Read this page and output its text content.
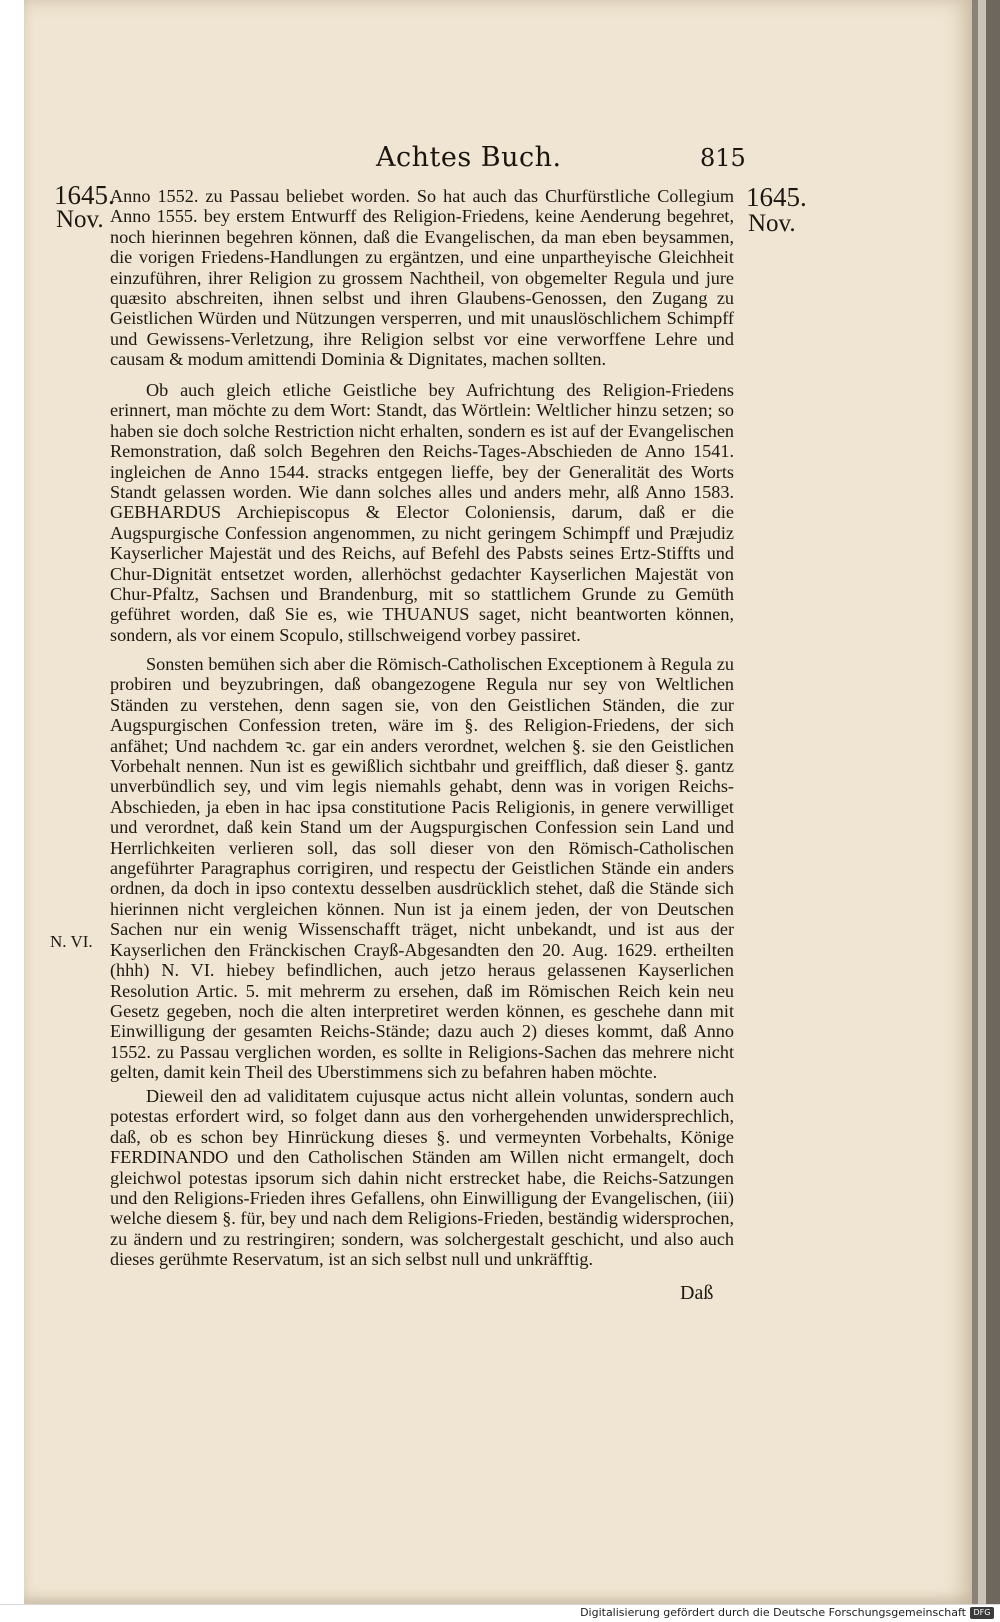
Achtes Buch.	815
1645.
Nov.
1645.
Nov.
N. VI.

Anno 1552. zu Passau beliebet worden. So hat auch das Churfürstliche Collegium Anno 1555. bey erstem Entwurff des Religion-Friedens, keine Aenderung begehret, noch hierinnen begehren können, daß die Evangelischen, da man eben beysammen, die vorigen Friedens-Handlungen zu ergäntzen, und eine unpartheyische Gleichheit einzuführen, ihrer Religion zu grossem Nachtheil, von obgemelter Regula und jure quæsito abschreiten, ihnen selbst und ihren Glaubens-Genossen, den Zugang zu Geistlichen Würden und Nützungen versperren, und mit unauslöschlichem Schimpff und Gewissens-Verletzung, ihre Religion selbst vor eine verworffene Lehre und causam & modum amittendi Dominia & Dignitates, machen sollten.

Ob auch gleich etliche Geistliche bey Aufrichtung des Religion-Friedens erinnert, man möchte zu dem Wort: Standt, das Wörtlein: Weltlicher hinzu setzen; so haben sie doch solche Restriction nicht erhalten, sondern es ist auf der Evangelischen Remonstration, daß solch Begehren den Reichs-Tages-Abschieden de Anno 1541. ingleichen de Anno 1544. stracks entgegen lieffe, bey der Generalität des Worts Standt gelassen worden. Wie dann solches alles und anders mehr, alß Anno 1583. GEBHARDUS Archiepiscopus & Elector Coloniensis, darum, daß er die Augspurgische Confession angenommen, zu nicht geringem Schimpff und Præjudiz Kayserlicher Majestät und des Reichs, auf Befehl des Pabsts seines Ertz-Stiffts und Chur-Dignität entsetzet worden, allerhöchst gedachter Kayserlichen Majestät von Chur-Pfaltz, Sachsen und Brandenburg, mit so stattlichem Grunde zu Gemüth geführet worden, daß Sie es, wie THUANUS saget, nicht beantworten können, sondern, als vor einem Scopulo, stillschweigend vorbey passiret.

Sonsten bemühen sich aber die Römisch-Catholischen Exceptionem à Regula zu probiren und beyzubringen, daß obangezogene Regula nur sey von Weltlichen Ständen zu verstehen, denn sagen sie, von den Geistlichen Ständen, die zur Augspurgischen Confession treten, wäre im §. des Religion-Friedens, der sich anfähet; Und nachdem ꝛc. gar ein anders verordnet, welchen §. sie den Geistlichen Vorbehalt nennen. Nun ist es gewißlich sichtbahr und greifflich, daß dieser §. gantz unverbündlich sey, und vim legis niemahls gehabt, denn was in vorigen Reichs-Abschieden, ja eben in hac ipsa constitutione Pacis Religionis, in genere verwilliget und verordnet, daß kein Stand um der Augspurgischen Confession sein Land und Herrlichkeiten verlieren soll, das soll dieser von den Römisch-Catholischen angeführter Paragraphus corrigiren, und respectu der Geistlichen Stände ein anders ordnen, da doch in ipso contextu desselben ausdrücklich stehet, daß die Stände sich hierinnen nicht vergleichen können. Nun ist ja einem jeden, der von Deutschen Sachen nur ein wenig Wissenschafft träget, nicht unbekandt, und ist aus der Kayserlichen den Fränckischen Crayß-Abgesandten den 20. Aug. 1629. ertheilten (hhh) N. VI. hiebey befindlichen, auch jetzo heraus gelassenen Kayserlichen Resolution Artic. 5. mit mehrerm zu ersehen, daß im Römischen Reich kein neu Gesetz gegeben, noch die alten interpretiret werden können, es geschehe dann mit Einwilligung der gesamten Reichs-Stände; dazu auch 2) dieses kommt, daß Anno 1552. zu Passau verglichen worden, es sollte in Religions-Sachen das mehrere nicht gelten, damit kein Theil des Uberstimmens sich zu befahren haben möchte.

Dieweil den ad validitatem cujusque actus nicht allein voluntas, sondern auch potestas erfordert wird, so folget dann aus den vorhergehenden unwidersprechlich, daß, ob es schon bey Hinrückung dieses §. und vermeynten Vorbehalts, Könige FERDINANDO und den Catholischen Ständen am Willen nicht ermangelt, doch gleichwol potestas ipsorum sich dahin nicht erstrecket habe, die Reichs-Satzungen und den Religions-Frieden ihres Gefallens, ohn Einwilligung der Evangelischen, (iii) welche diesem §. für, bey und nach dem Religions-Frieden, beständig widersprochen, zu ändern und zu restringiren; sondern, was solchergestalt geschicht, und also auch dieses gerühmte Reservatum, ist an sich selbst null und unkräfftig.

Daß
Digitalisierung gefördert durch die Deutsche Forschungsgemeinschaft DFG
